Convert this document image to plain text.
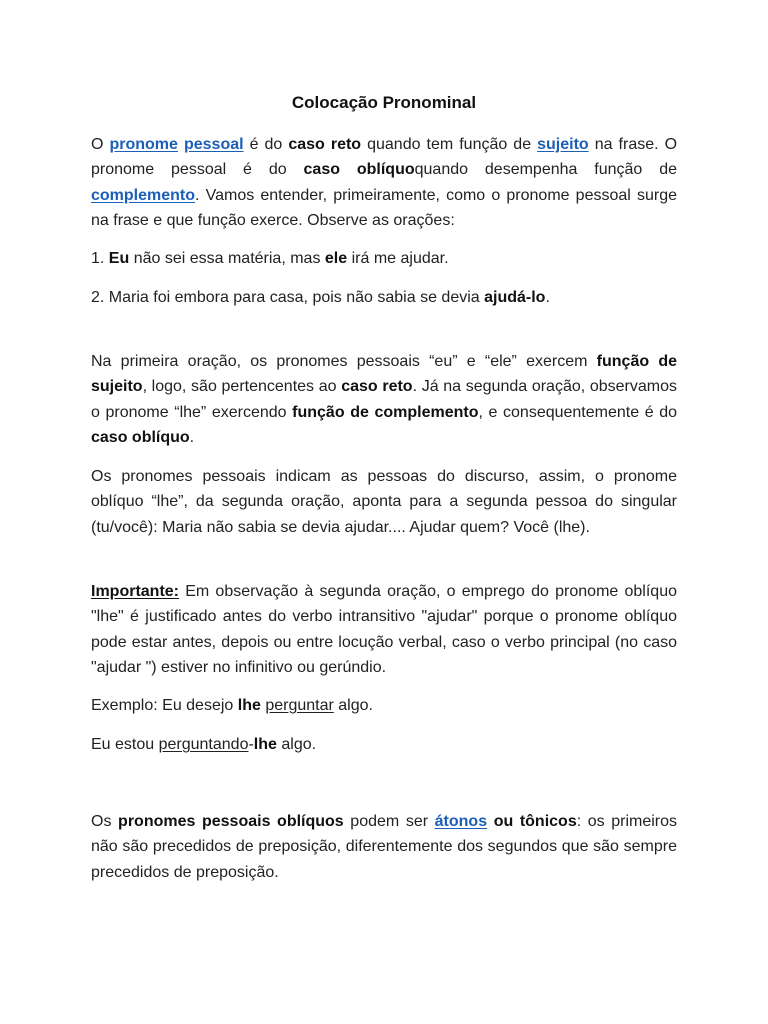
Colocação Pronominal

O pronome pessoal é do caso reto quando tem função de sujeito na frase. O pronome pessoal é do caso oblíquoquando desempenha função de complemento. Vamos entender, primeiramente, como o pronome pessoal surge na frase e que função exerce. Observe as orações:

1. Eu não sei essa matéria, mas ele irá me ajudar.

2. Maria foi embora para casa, pois não sabia se devia ajudá-lo.

Na primeira oração, os pronomes pessoais “eu” e “ele” exercem função de sujeito, logo, são pertencentes ao caso reto. Já na segunda oração, observamos o pronome “lhe” exercendo função de complemento, e consequentemente é do caso oblíquo.

Os pronomes pessoais indicam as pessoas do discurso, assim, o pronome oblíquo “lhe”, da segunda oração, aponta para a segunda pessoa do singular (tu/você): Maria não sabia se devia ajudar.... Ajudar quem? Você (lhe).

Importante: Em observação à segunda oração, o emprego do pronome oblíquo "lhe" é justificado antes do verbo intransitivo "ajudar" porque o pronome oblíquo pode estar antes, depois ou entre locução verbal, caso o verbo principal (no caso "ajudar ") estiver no infinitivo ou gerúndio.

Exemplo: Eu desejo lhe perguntar algo.

Eu estou perguntando-lhe algo.

Os pronomes pessoais oblíquos podem ser átonos ou tônicos: os primeiros não são precedidos de preposição, diferentemente dos segundos que são sempre precedidos de preposição.
